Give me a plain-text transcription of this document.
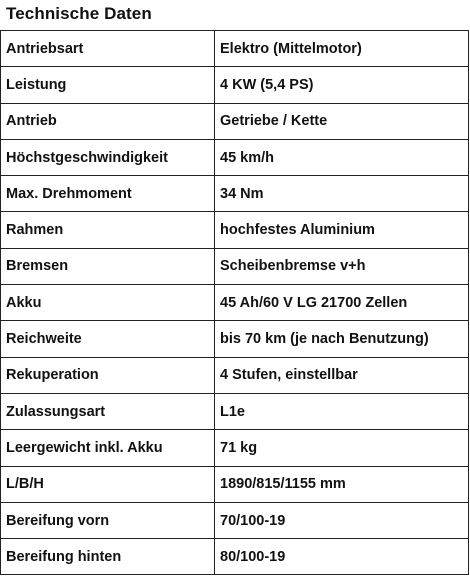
Technische Daten
Antriebsart	Elektro (Mittelmotor)
Leistung	4 KW (5,4 PS)
Antrieb	Getriebe / Kette
Höchstgeschwindigkeit	45 km/h
Max. Drehmoment	34 Nm
Rahmen	hochfestes Aluminium
Bremsen	Scheibenbremse v+h
Akku	45 Ah/60 V LG 21700 Zellen
Reichweite	bis 70 km (je nach Benutzung)
Rekuperation	4 Stufen, einstellbar
Zulassungsart	L1e
Leergewicht inkl. Akku	71 kg
L/B/H	1890/815/1155 mm
Bereifung vorn	70/100-19
Bereifung hinten	80/100-19
